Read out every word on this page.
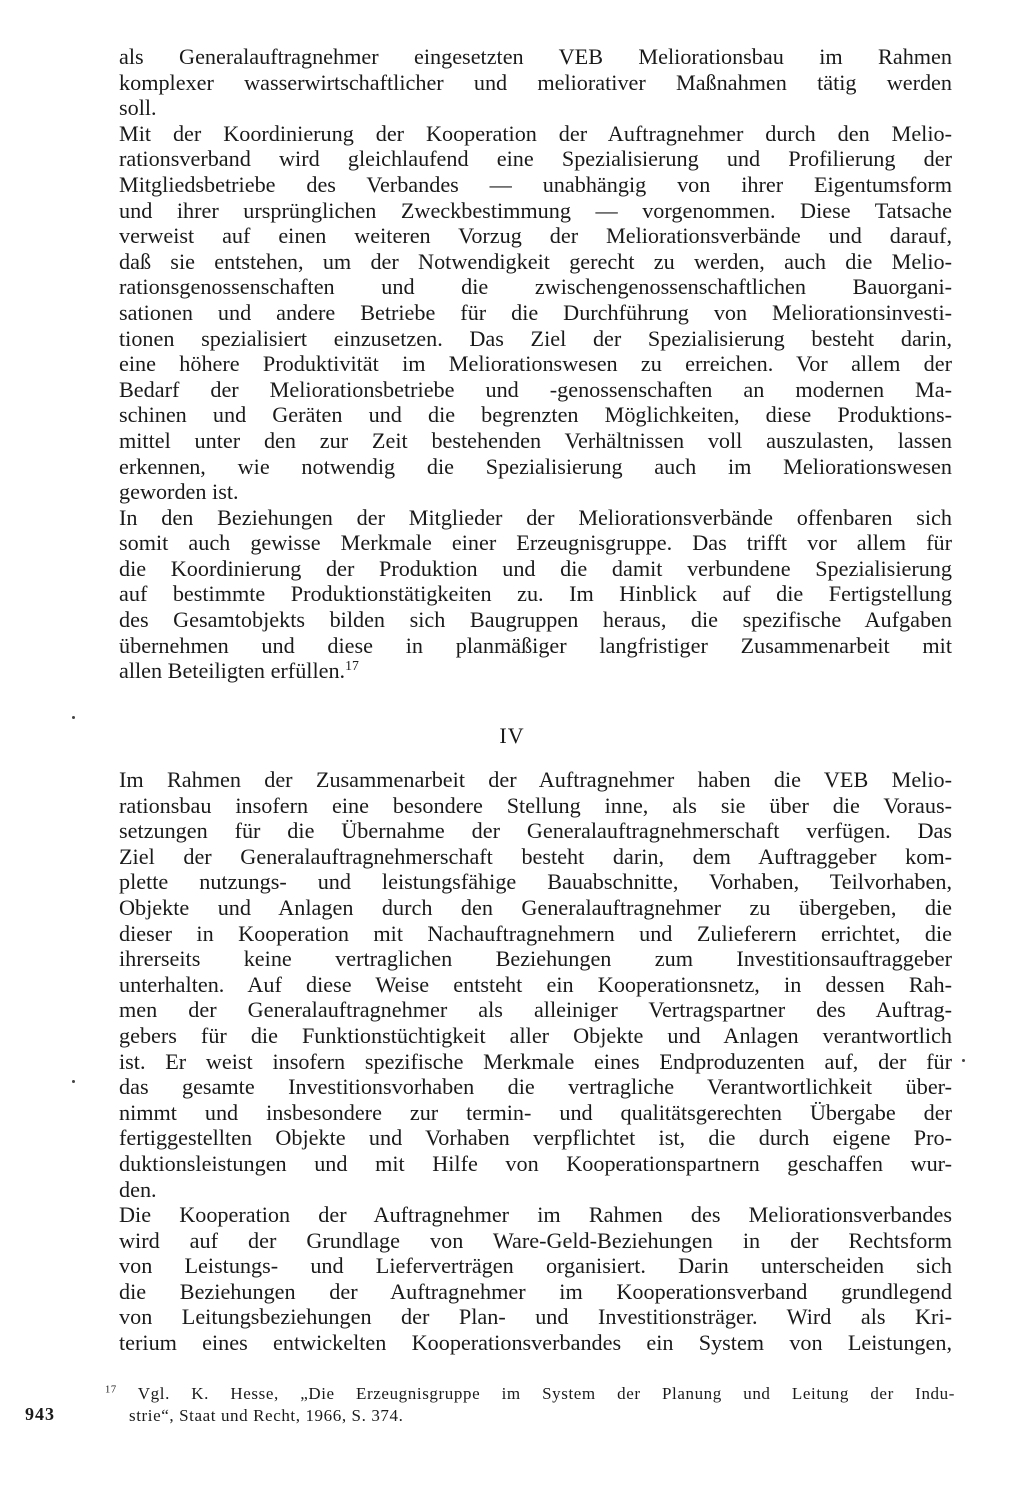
als Generalauftragnehmer eingesetzten VEB Meliorationsbau im Rahmen
komplexer wasserwirtschaftlicher und meliorativer Maßnahmen tätig werden
soll.
Mit der Koordinierung der Kooperation der Auftragnehmer durch den Melio-
rationsverband wird gleichlaufend eine Spezialisierung und Profilierung der
Mitgliedsbetriebe des Verbandes — unabhängig von ihrer Eigentumsform
und ihrer ursprünglichen Zweckbestimmung — vorgenommen. Diese Tatsache
verweist auf einen weiteren Vorzug der Meliorationsverbände und darauf,
daß sie entstehen, um der Notwendigkeit gerecht zu werden, auch die Melio-
rationsgenossenschaften und die zwischengenossenschaftlichen Bauorgani-
sationen und andere Betriebe für die Durchführung von Meliorationsinvesti-
tionen spezialisiert einzusetzen. Das Ziel der Spezialisierung besteht darin,
eine höhere Produktivität im Meliorationswesen zu erreichen. Vor allem der
Bedarf der Meliorationsbetriebe und -genossenschaften an modernen Ma-
schinen und Geräten und die begrenzten Möglichkeiten, diese Produktions-
mittel unter den zur Zeit bestehenden Verhältnissen voll auszulasten, lassen
erkennen, wie notwendig die Spezialisierung auch im Meliorationswesen
geworden ist.
In den Beziehungen der Mitglieder der Meliorationsverbände offenbaren sich
somit auch gewisse Merkmale einer Erzeugnisgruppe. Das trifft vor allem für
die Koordinierung der Produktion und die damit verbundene Spezialisierung
auf bestimmte Produktionstätigkeiten zu. Im Hinblick auf die Fertigstellung
des Gesamtobjekts bilden sich Baugruppen heraus, die spezifische Aufgaben
übernehmen und diese in planmäßiger langfristiger Zusammenarbeit mit
allen Beteiligten erfüllen.$^{17}$
IV
Im Rahmen der Zusammenarbeit der Auftragnehmer haben die VEB Melio-
rationsbau insofern eine besondere Stellung inne, als sie über die Voraus-
setzungen für die Übernahme der Generalauftragnehmerschaft verfügen. Das
Ziel der Generalauftragnehmerschaft besteht darin, dem Auftraggeber kom-
plette nutzungs- und leistungsfähige Bauabschnitte, Vorhaben, Teilvorhaben,
Objekte und Anlagen durch den Generalauftragnehmer zu übergeben, die
dieser in Kooperation mit Nachauftragnehmern und Zulieferern errichtet, die
ihrerseits keine vertraglichen Beziehungen zum Investitionsauftraggeber
unterhalten. Auf diese Weise entsteht ein Kooperationsnetz, in dessen Rah-
men der Generalauftragnehmer als alleiniger Vertragspartner des Auftrag-
gebers für die Funktionstüchtigkeit aller Objekte und Anlagen verantwortlich
ist. Er weist insofern spezifische Merkmale eines Endproduzenten auf, der für
das gesamte Investitionsvorhaben die vertragliche Verantwortlichkeit über-
nimmt und insbesondere zur termin- und qualitätsgerechten Übergabe der
fertiggestellten Objekte und Vorhaben verpflichtet ist, die durch eigene Pro-
duktionsleistungen und mit Hilfe von Kooperationspartnern geschaffen wur-
den.
Die Kooperation der Auftragnehmer im Rahmen des Meliorationsverbandes
wird auf der Grundlage von Ware-Geld-Beziehungen in der Rechtsform
von Leistungs- und Lieferverträgen organisiert. Darin unterscheiden sich
die Beziehungen der Auftragnehmer im Kooperationsverband grundlegend
von Leitungsbeziehungen der Plan- und Investitionsträger. Wird als Kri-
terium eines entwickelten Kooperationsverbandes ein System von Leistungen,
$^{17}$ Vgl. K. Hesse, „Die Erzeugnisgruppe im System der Planung und Leitung der Indu-
strie“, Staat und Recht, 1966, S. 374.
943
